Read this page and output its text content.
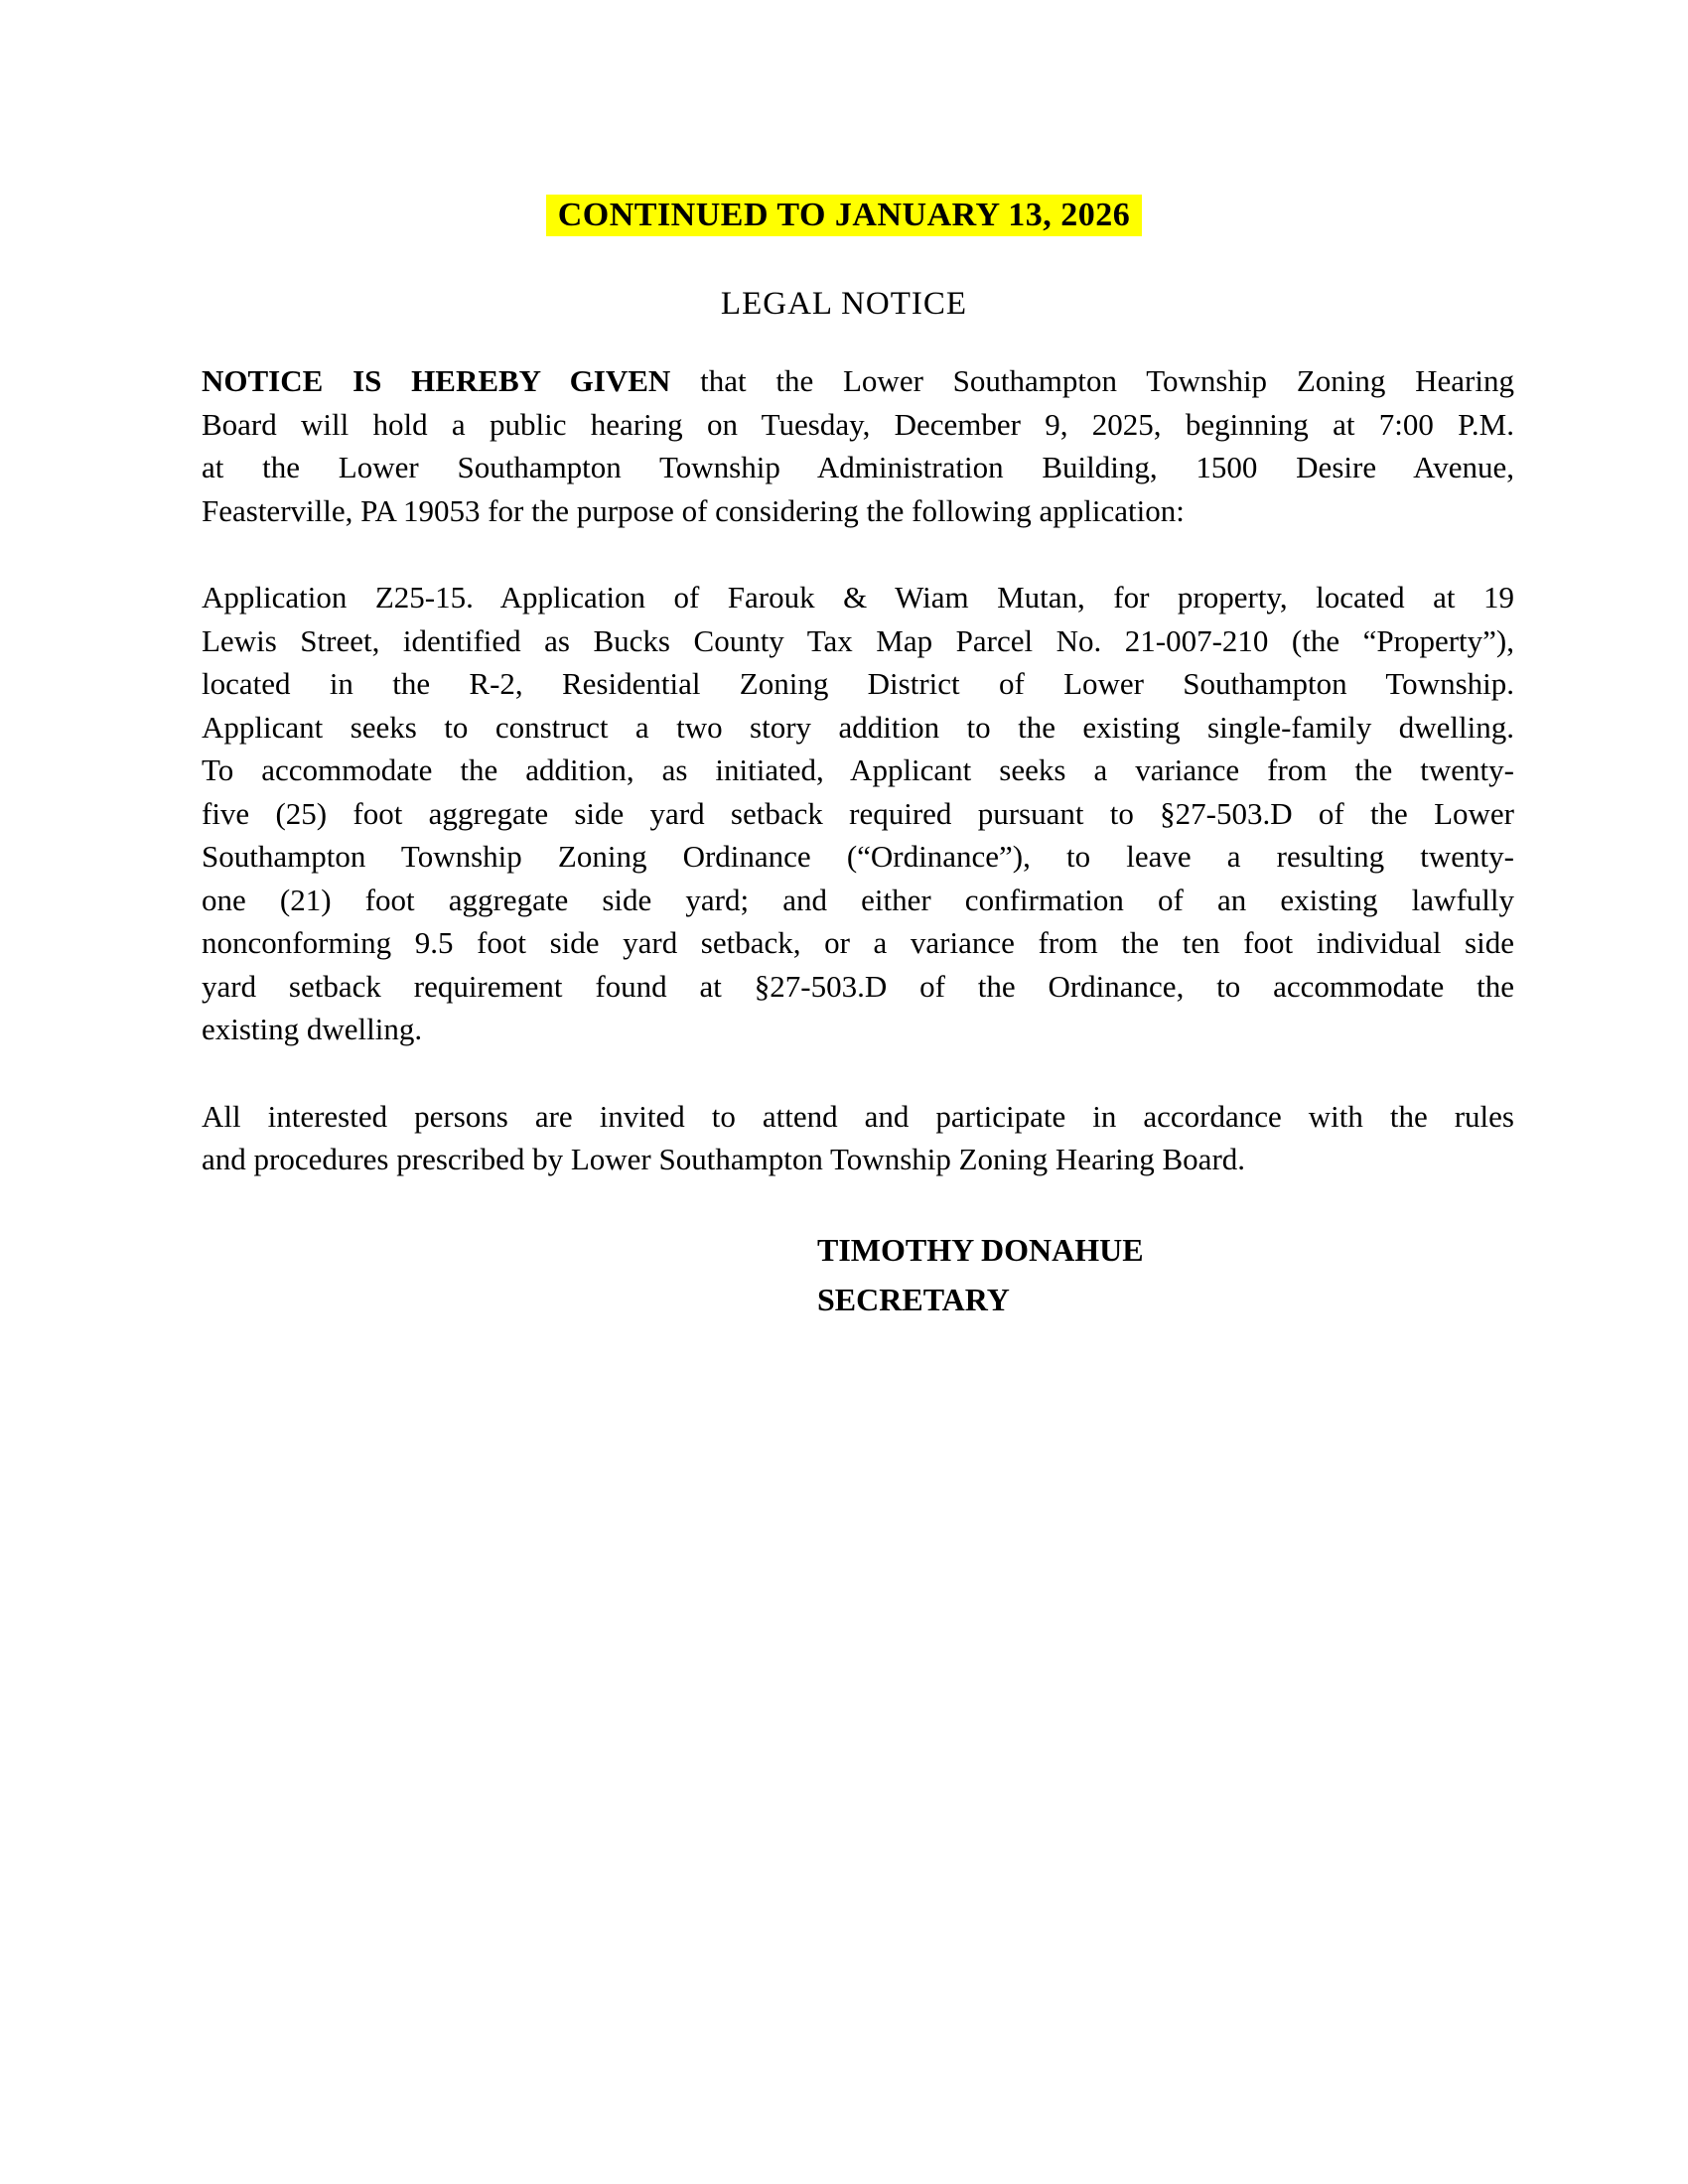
CONTINUED TO JANUARY 13, 2026
LEGAL NOTICE
NOTICE IS HEREBY GIVEN that the Lower Southampton Township Zoning Hearing
Board will hold a public hearing on Tuesday, December 9, 2025, beginning at 7:00 P.M.
at the Lower Southampton Township Administration Building, 1500 Desire Avenue,
Feasterville, PA 19053 for the purpose of considering the following application:
Application Z25-15. Application of Farouk & Wiam Mutan, for property, located at 19
Lewis Street, identified as Bucks County Tax Map Parcel No. 21-007-210 (the “Property”),
located in the R-2, Residential Zoning District of Lower Southampton Township.
Applicant seeks to construct a two story addition to the existing single-family dwelling.
To accommodate the addition, as initiated, Applicant seeks a variance from the twenty-
five (25) foot aggregate side yard setback required pursuant to §27-503.D of the Lower
Southampton Township Zoning Ordinance (“Ordinance”), to leave a resulting twenty-
one (21) foot aggregate side yard; and either confirmation of an existing lawfully
nonconforming 9.5 foot side yard setback, or a variance from the ten foot individual side
yard setback requirement found at §27-503.D of the Ordinance, to accommodate the
existing dwelling.
All interested persons are invited to attend and participate in accordance with the rules
and procedures prescribed by Lower Southampton Township Zoning Hearing Board.
TIMOTHY DONAHUE
SECRETARY
